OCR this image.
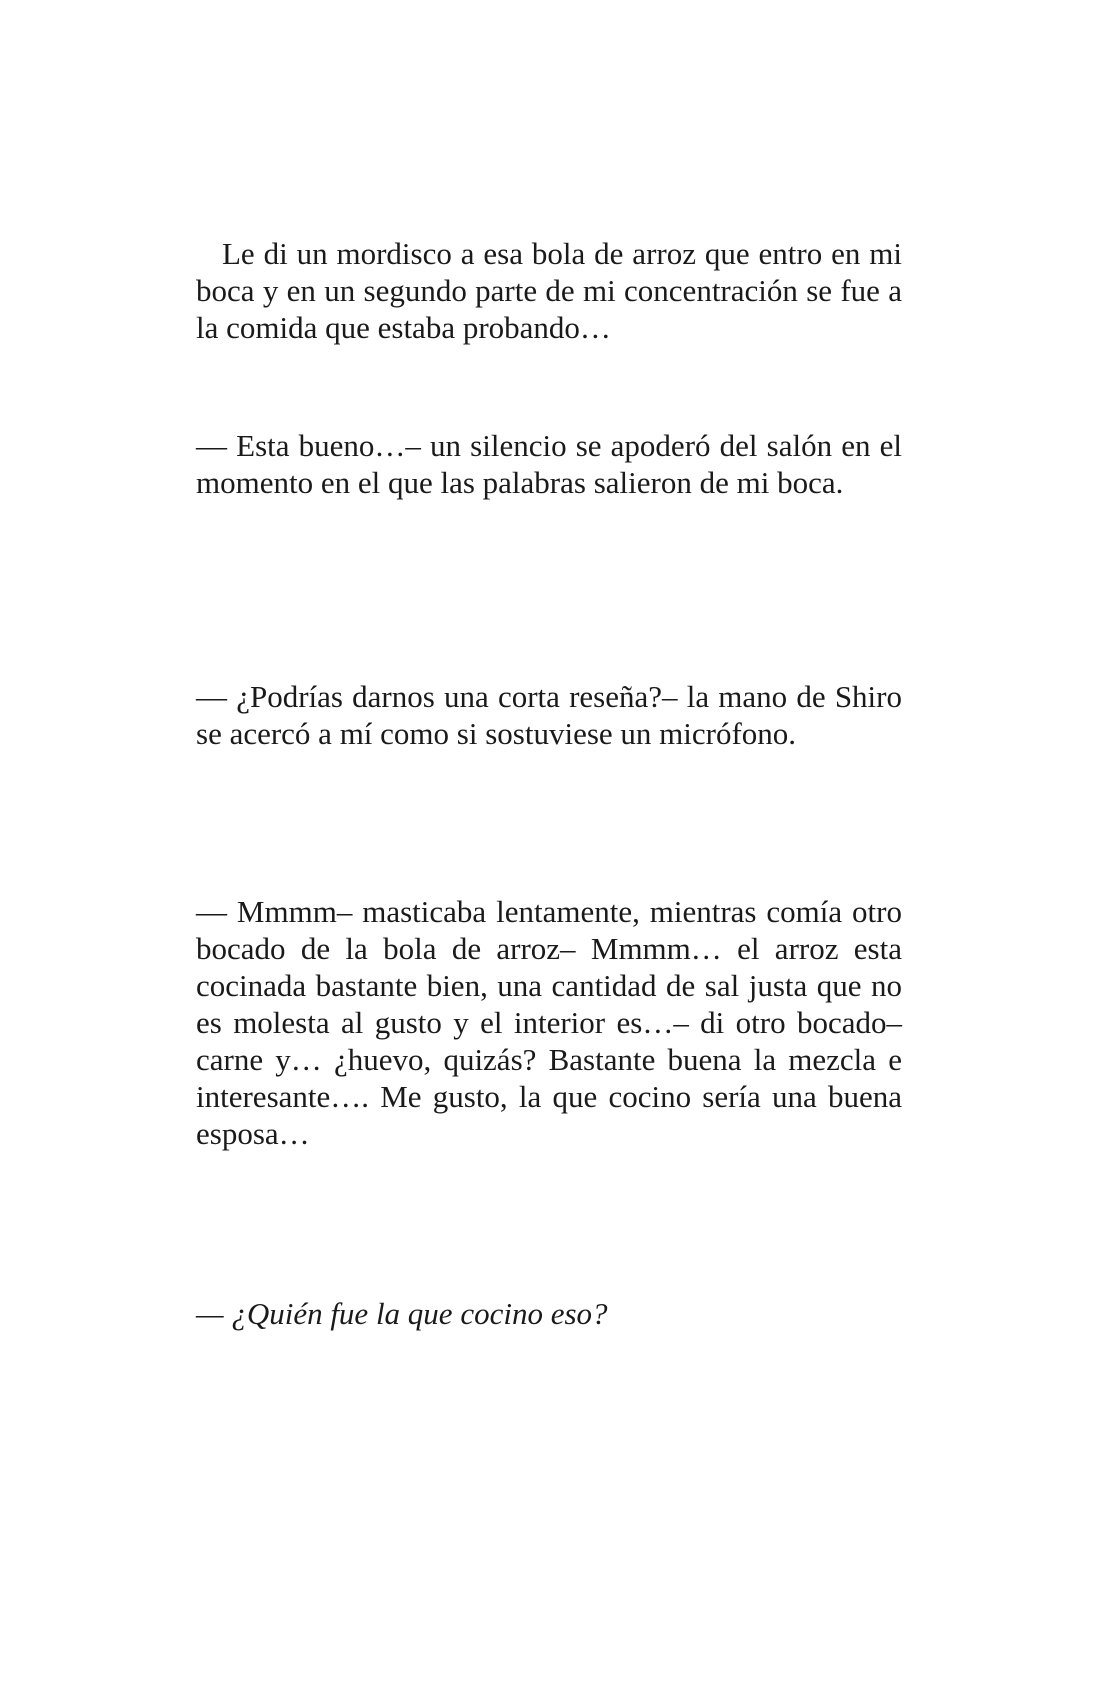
Le di un mordisco a esa bola de arroz que entro en mi boca y en un segundo parte de mi concentración se fue a la comida que estaba probando…

— Esta bueno…– un silencio se apoderó del salón en el momento en el que las palabras salieron de mi boca.

— ¿Podrías darnos una corta reseña?– la mano de Shiro se acercó a mí como si sostuviese un micrófono.

— Mmmm– masticaba lentamente, mientras comía otro bocado de la bola de arroz– Mmmm… el arroz esta cocinada bastante bien, una cantidad de sal justa que no es molesta al gusto y el interior es…– di otro bocado– carne y… ¿huevo, quizás? Bastante buena la mezcla e interesante…. Me gusto, la que cocino sería una buena esposa…

— ¿Quién fue la que cocino eso?
